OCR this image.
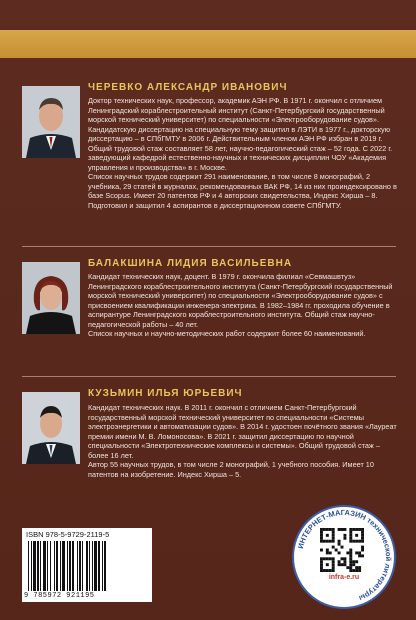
ЧЕРЕВКО АЛЕКСАНДР ИВАНОВИЧ

Доктор технических наук, профессор, академик АЭН РФ. В 1971 г. окончил с отличием Ленинградский кораблестроительный институт (Санкт-Петербургский государственный морской технический университет) по специальности «Электрооборудование судов». Кандидатскую диссертацию на специальную тему защитил в ЛЭТИ в 1977 г., докторскую диссертацию – в СПбГМТУ в 2006 г. Действительным членом АЭН РФ избран в 2019 г. Общий трудовой стаж составляет 58 лет, научно-педагогический стаж – 52 года. С 2022 г. заведующий кафедрой естественно-научных и технических дисциплин ЧОУ «Академия управления и производства» в г. Москве.

Список научных трудов содержит 291 наименование, в том числе 8 монографий, 2 учебника, 29 статей в журналах, рекомендованных ВАК РФ, 14 из них проиндексировано в базе Scopus. Имеет 20 патентов РФ и 4 авторских свидетельства, Индекс Хирша – 8. Подготовил и защитил 4 аспирантов в диссертационном совете СПбГМТУ.

БАЛАКШИНА ЛИДИЯ ВАСИЛЬЕВНА

Кандидат технических наук, доцент. В 1979 г. окончила филиал «Севмашвтуз» Ленинградского кораблестроительного института (Санкт-Петербургский государственный морской технический университет) по специальности «Электрооборудование судов» с присвоением квалификации инженера-электрика. В 1982–1984 гг. проходила обучение в аспирантуре Ленинградского кораблестроительного института. Общий стаж научно-педагогической работы – 40 лет.

Список научных и научно-методических работ содержит более 60 наименований.

КУЗЬМИН ИЛЬЯ ЮРЬЕВИЧ

Кандидат технических наук. В 2011 г. окончил с отличием Санкт-Петербургский государственный морской технический университет по специальности «Системы электроэнергетики и автоматизации судов». В 2014 г. удостоен почётного звания «Лауреат премии имени М. В. Ломоносова». В 2021 г. защитил диссертацию по научной специальности «Электротехнические комплексы и системы». Общий трудовой стаж – более 16 лет.

Автор 55 научных трудов, в том числе 2 монографий, 1 учебного пособия. Имеет 10 патентов на изобретение. Индекс Хирша – 5.

ISBN 978-5-9729-2119-5
9 785972 921195
ИНТЕРНЕТ-МАГАЗИН технической литературы
infra-e.ru
